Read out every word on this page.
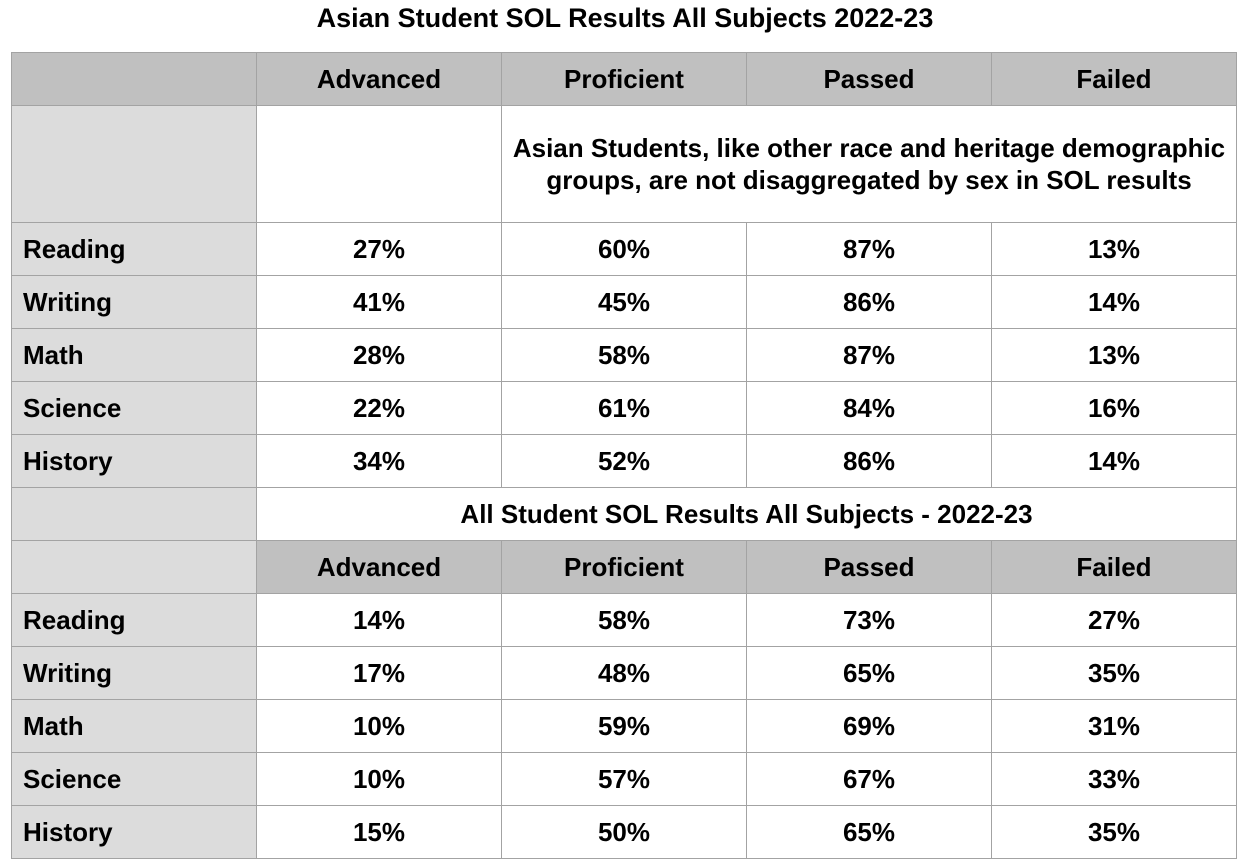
Asian Student SOL Results All Subjects 2022-23
	Advanced	Proficient	Passed	Failed
		Asian Students, like other race and heritage demographic groups, are not disaggregated by sex in SOL results		
Reading	27%	60%	87%	13%
Writing	41%	45%	86%	14%
Math	28%	58%	87%	13%
Science	22%	61%	84%	16%
History	34%	52%	86%	14%
	All Student SOL Results All Subjects - 2022-23			
	Advanced	Proficient	Passed	Failed
Reading	14%	58%	73%	27%
Writing	17%	48%	65%	35%
Math	10%	59%	69%	31%
Science	10%	57%	67%	33%
History	15%	50%	65%	35%
